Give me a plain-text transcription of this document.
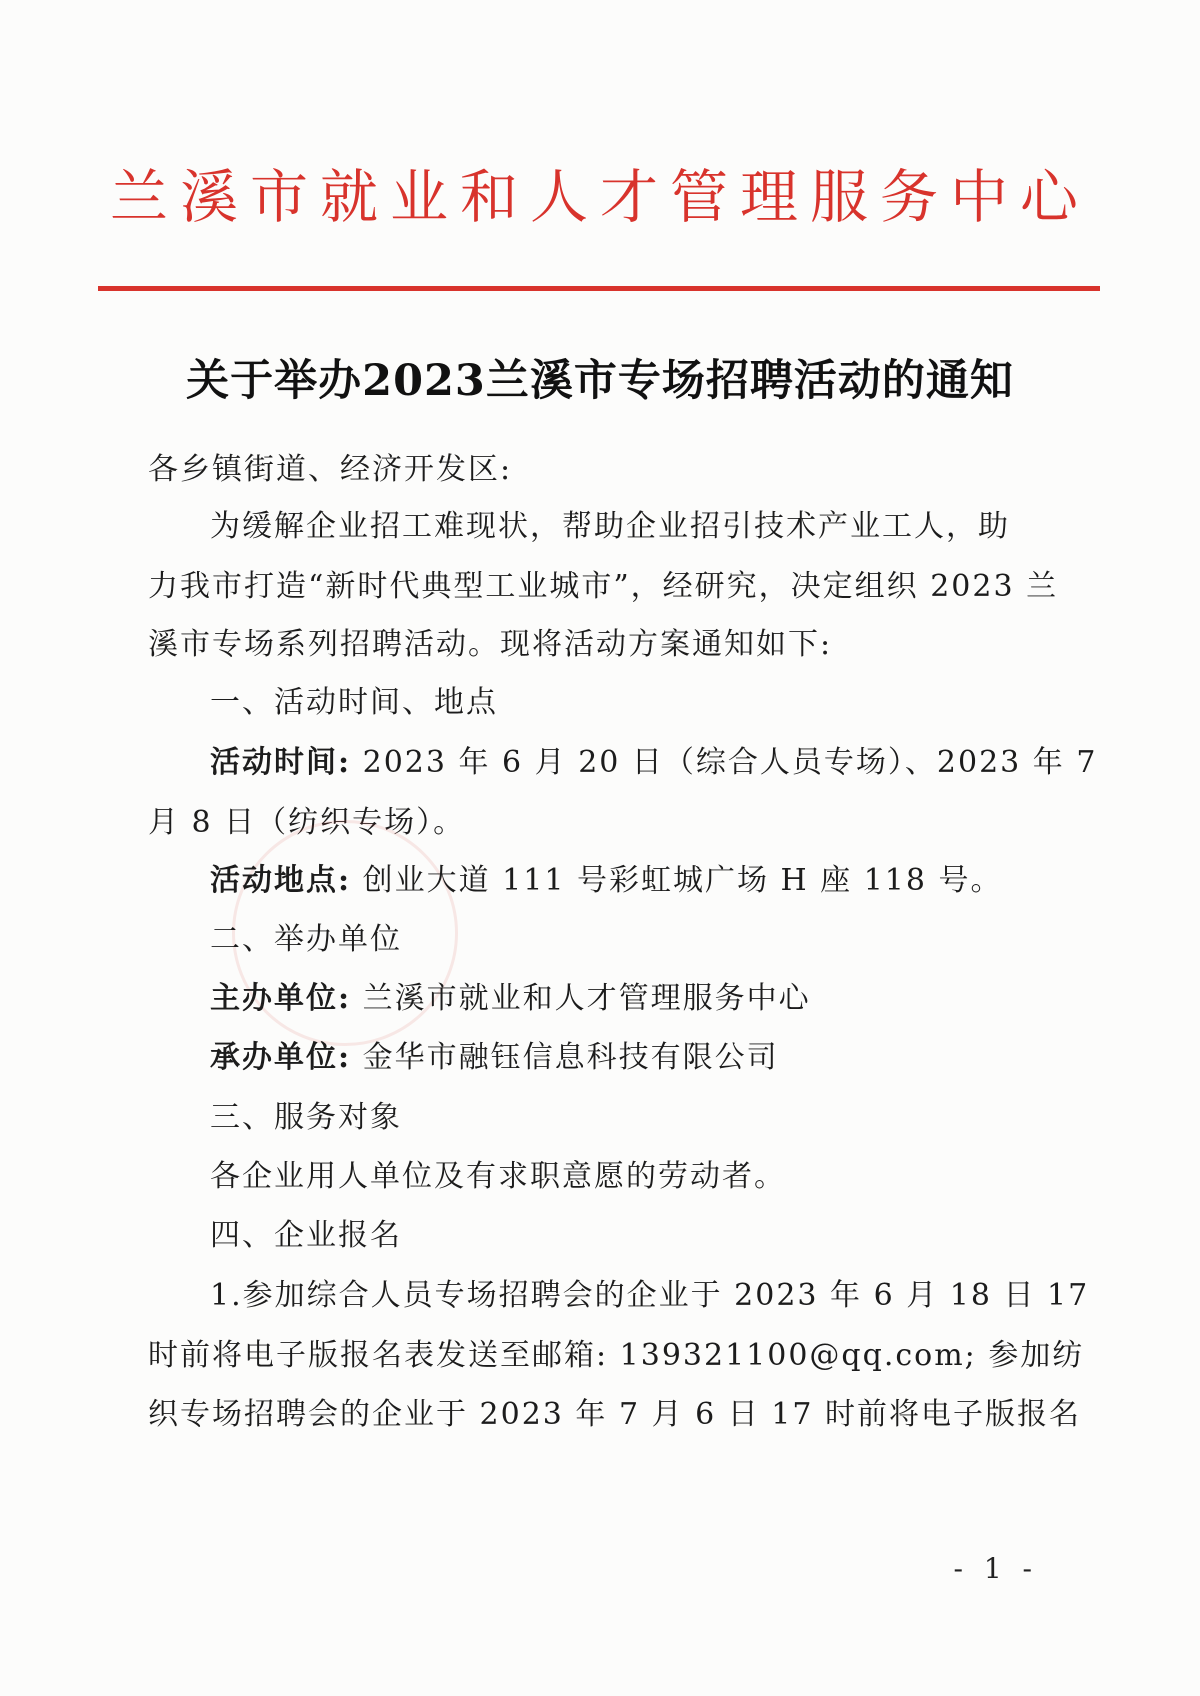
兰溪市就业和人才管理服务中心
关于举办2023兰溪市专场招聘活动的通知
各乡镇街道、经济开发区:
为缓解企业招工难现状，帮助企业招引技术产业工人，助
力我市打造“新时代典型工业城市”，经研究，决定组织 2023 兰
溪市专场系列招聘活动。现将活动方案通知如下:
一、活动时间、地点
活动时间: 2023 年 6 月 20 日（综合人员专场）、2023 年 7
月 8 日（纺织专场）。
活动地点: 创业大道 111 号彩虹城广场 H 座 118 号。
二、举办单位
主办单位: 兰溪市就业和人才管理服务中心
承办单位: 金华市融钰信息科技有限公司
三、服务对象
各企业用人单位及有求职意愿的劳动者。
四、企业报名
1.参加综合人员专场招聘会的企业于 2023 年 6 月 18 日 17
时前将电子版报名表发送至邮箱: 139321100@qq.com; 参加纺
织专场招聘会的企业于 2023 年 7 月 6 日 17 时前将电子版报名
- 1 -
